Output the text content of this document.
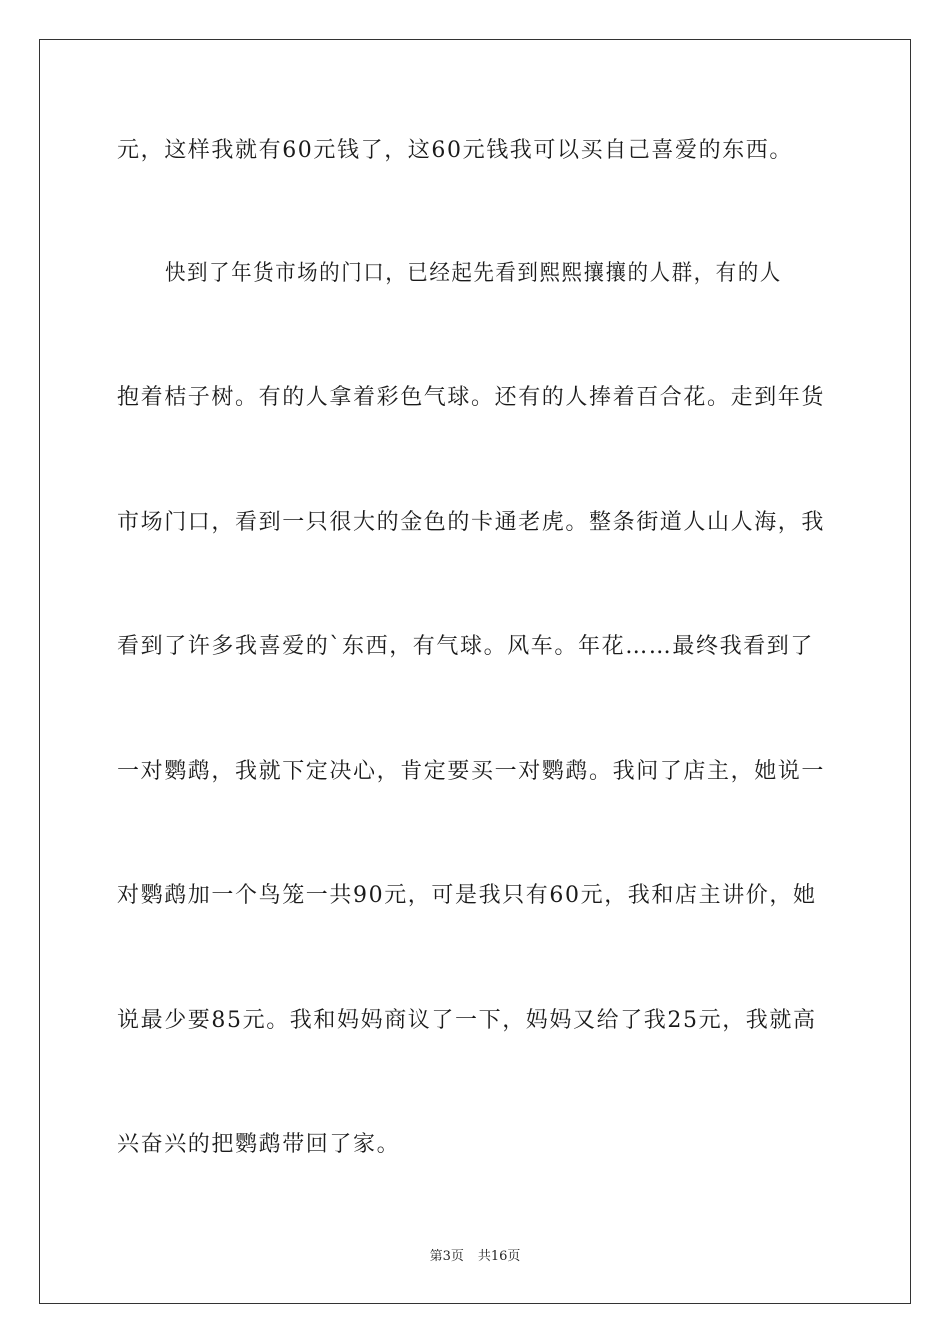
元，这样我就有60元钱了，这60元钱我可以买自己喜爱的东西。
快到了年货市场的门口，已经起先看到熙熙攘攘的人群，有的人
抱着桔子树。有的人拿着彩色气球。还有的人捧着百合花。走到年货
市场门口，看到一只很大的金色的卡通老虎。整条街道人山人海，我
看到了许多我喜爱的`东西，有气球。风车。年花……最终我看到了
一对鹦鹉，我就下定决心，肯定要买一对鹦鹉。我问了店主，她说一
对鹦鹉加一个鸟笼一共90元，可是我只有60元，我和店主讲价，她
说最少要85元。我和妈妈商议了一下，妈妈又给了我25元，我就高
兴奋兴的把鹦鹉带回了家。
第3页 共16页
